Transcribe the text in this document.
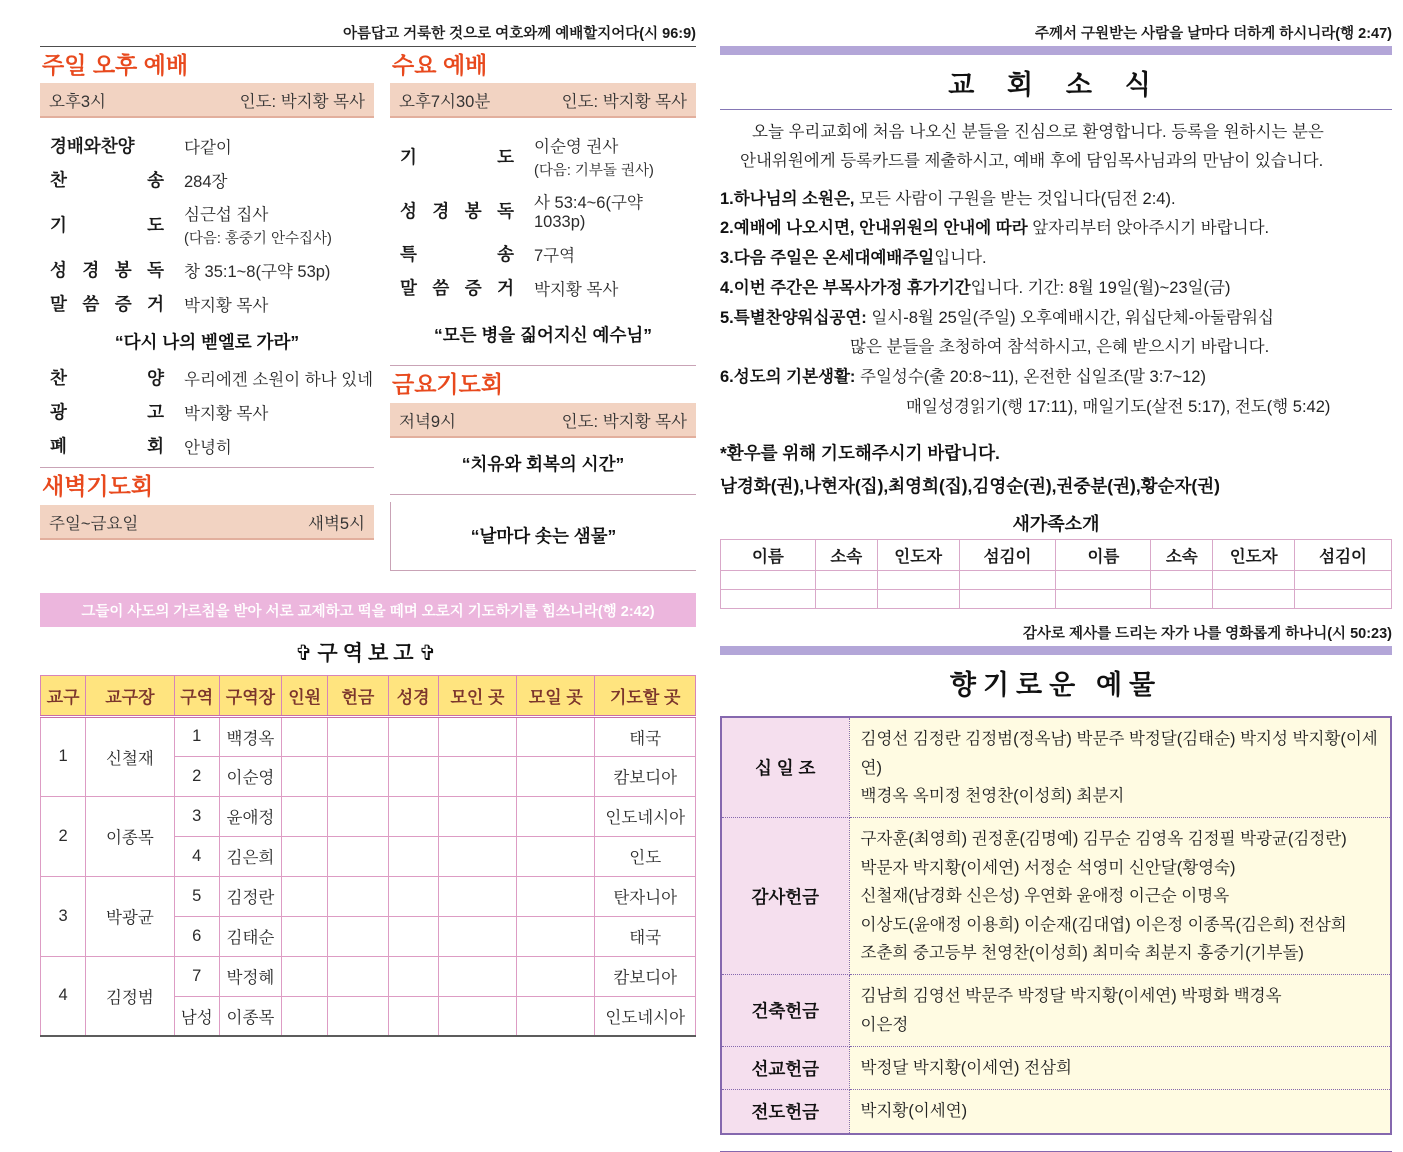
아름답고 거룩한 것으로 여호와께 예배할지어다(시 96:9)
주일 오후 예배
오후3시	인도: 박지황 목사
경배와찬양	다같이
찬 송 284장
기 도 심근섭 집사
(다음: 홍중기 안수집사)
성 경 봉 독 창 35:1~8(구약 53p)
말 씀 증 거 박지황 목사
“다시 나의 벧엘로 가라”
찬 양 우리에겐 소원이 하나 있네
광 고 박지황 목사
폐 회 안녕히
새벽기도회
주일~금요일	새벽5시
수요 예배
오후7시30분	인도: 박지황 목사
기 도 이순영 권사
(다음: 기부돌 권사)
성 경 봉 독 사 53:4~6(구약 1033p)
특 송 7구역
말 씀 증 거 박지황 목사
“모든 병을 짊어지신 예수님”
금요기도회
저녁9시	인도: 박지황 목사
“치유와 회복의 시간”
“날마다 솟는 샘물”
그들이 사도의 가르침을 받아 서로 교제하고 떡을 떼며 오로지 기도하기를 힘쓰니라(행 2:42)
✞구역보고✞
교구	교구장	구역	구역장	인원	헌금	성경	모인 곳	모일 곳	기도할 곳
1	신철재	1	백경옥						태국
		2	이순영						캄보디아
2	이종목	3	윤애정						인도네시아
		4	김은희						인도
3	박광균	5	김정란						탄자니아
		6	김태순						태국
4	김정범	7	박정혜						캄보디아
		남성	이종목						인도네시아
주께서 구원받는 사람을 날마다 더하게 하시니라(행 2:47)
교 회 소 식
오늘 우리교회에 처음 나오신 분들을 진심으로 환영합니다. 등록을 원하시는 분은
안내위원에게 등록카드를 제출하시고, 예배 후에 담임목사님과의 만남이 있습니다.
1.하나님의 소원은, 모든 사람이 구원을 받는 것입니다(딤전 2:4).
2.예배에 나오시면, 안내위원의 안내에 따라 앞자리부터 앉아주시기 바랍니다.
3.다음 주일은 온세대예배주일입니다.
4.이번 주간은 부목사가정 휴가기간입니다. 기간: 8월 19일(월)~23일(금)
5.특별찬양워십공연: 일시-8월 25일(주일) 오후예배시간, 워십단체-아둘람워십
많은 분들을 초청하여 참석하시고, 은혜 받으시기 바랍니다.
6.성도의 기본생활: 주일성수(출 20:8~11), 온전한 십일조(말 3:7~12)
매일성경읽기(행 17:11), 매일기도(살전 5:17), 전도(행 5:42)
*환우를 위해 기도해주시기 바랍니다.
남경화(권),나현자(집),최영희(집),김영순(권),권중분(권),황순자(권)
새가족소개
이름	소속	인도자	섬김이	이름	소속	인도자	섬김이

감사로 제사를 드리는 자가 나를 영화롭게 하나니(시 50:23)
향기로운 예물
십 일 조	김영선 김정란 김정범(정옥남) 박문주 박정달(김태순) 박지성 박지황(이세연)
백경옥 옥미정 천영찬(이성희) 최분지

감사헌금	구자훈(최영희) 권정훈(김명예) 김무순 김영옥 김정필 박광균(김정란)
박문자 박지황(이세연) 서정순 석영미 신안달(황영숙)
신철재(남경화 신은성) 우연화 윤애정 이근순 이명옥
이상도(윤애정 이용희) 이순재(김대엽) 이은정 이종목(김은희) 전삼희
조춘희 중고등부 천영찬(이성희) 최미숙 최분지 홍중기(기부돌)

건축헌금	김남희 김영선 박문주 박정달 박지황(이세연) 박평화 백경옥
이은정

선교헌금	박정달 박지황(이세연) 전삼희

전도헌금	박지황(이세연)
